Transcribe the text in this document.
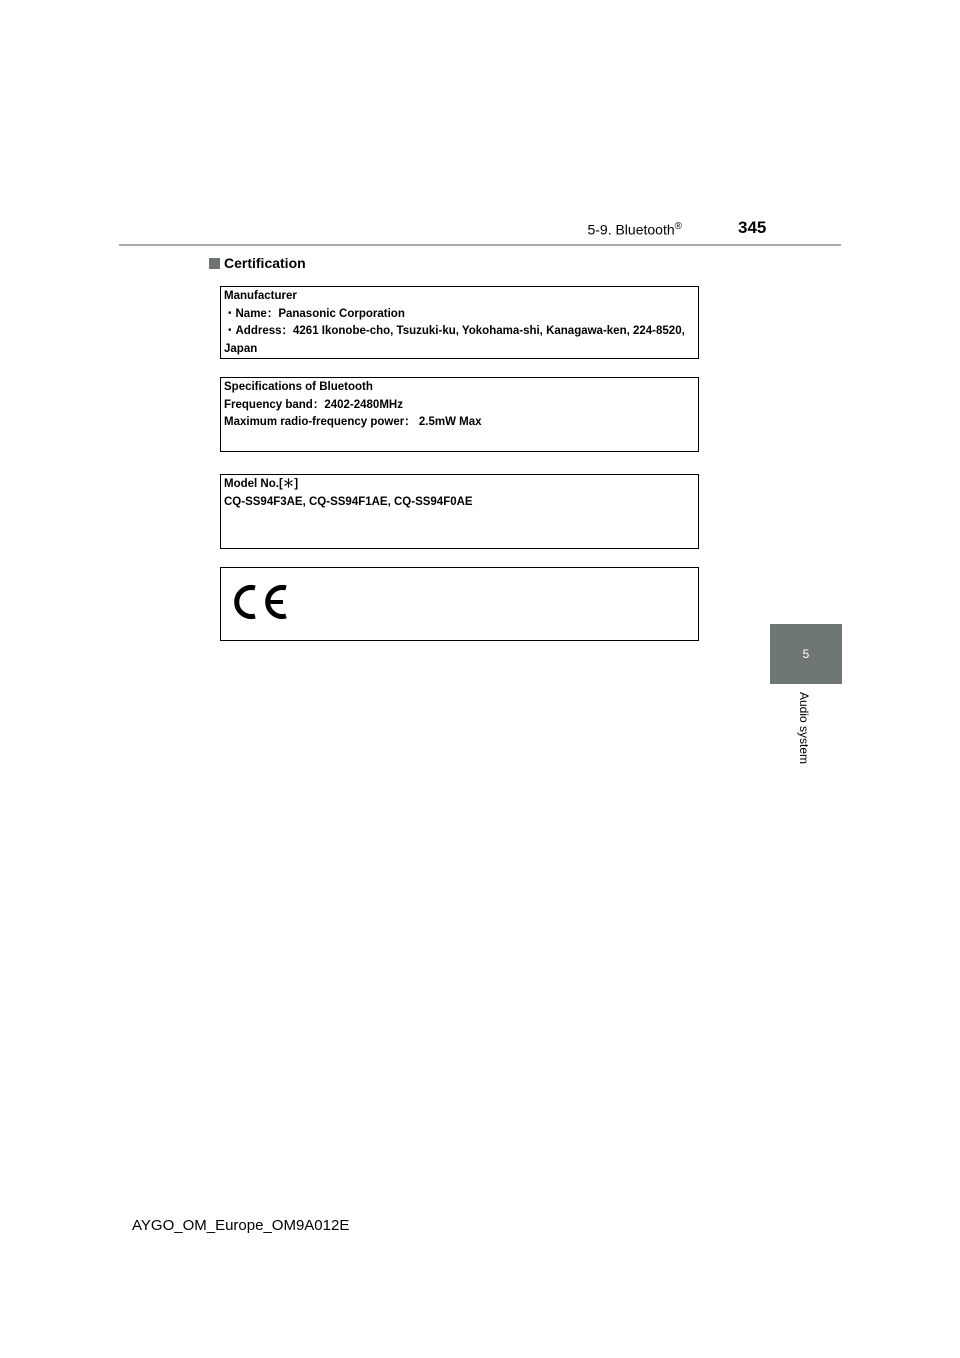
5-9. Bluetooth®	345
Certification
Manufacturer
・Name：Panasonic Corporation
・Address：4261 Ikonobe-cho, Tsuzuki-ku, Yokohama-shi, Kanagawa-ken, 224-8520, Japan
Specifications of Bluetooth
Frequency band：2402-2480MHz
Maximum radio-frequency power： 2.5mW Max
Model No.[＊]
CQ-SS94F3AE, CQ-SS94F1AE, CQ-SS94F0AE
5
Audio system
AYGO_OM_Europe_OM9A012E
